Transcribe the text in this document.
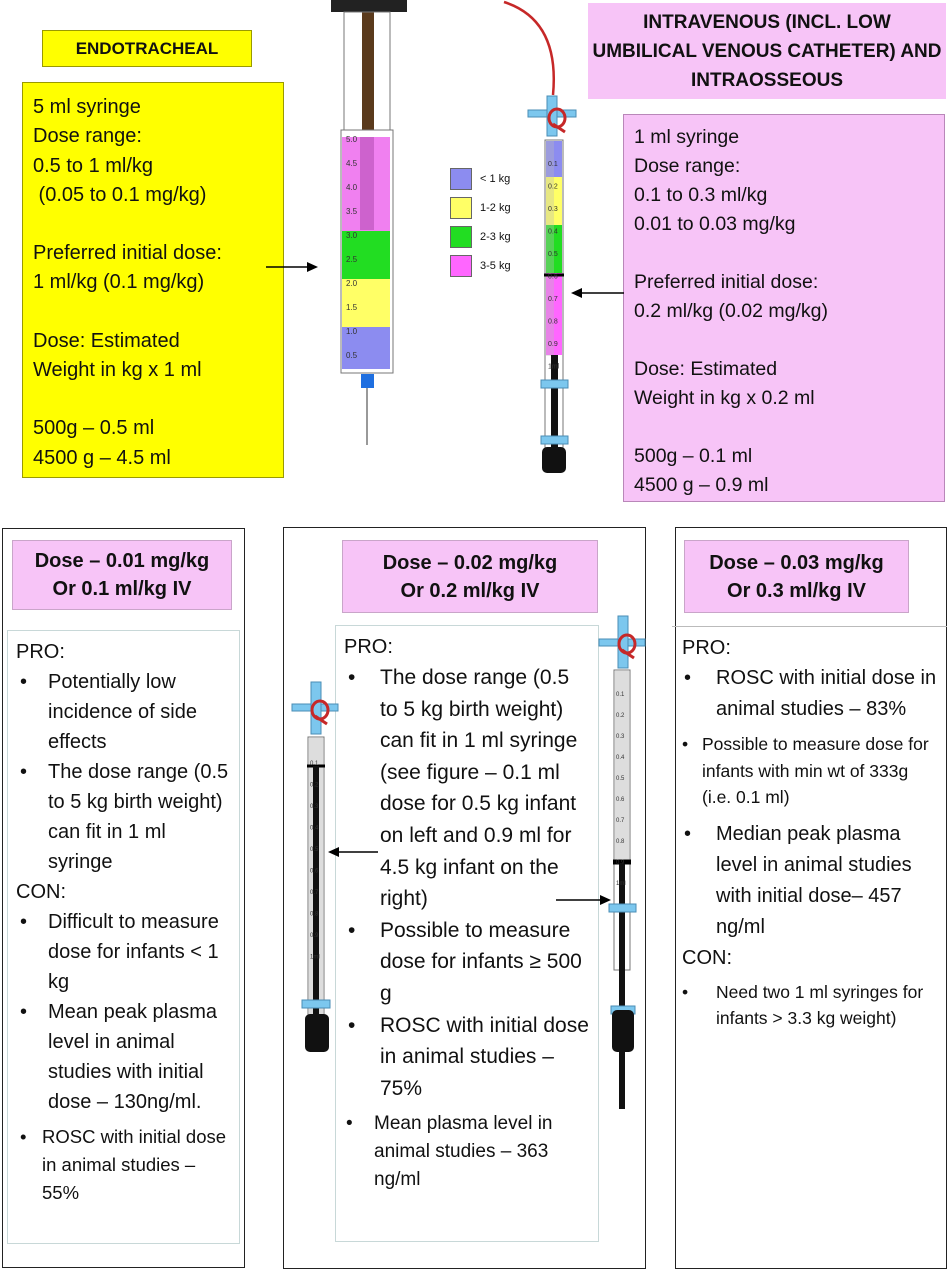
ENDOTRACHEAL
5 ml syringe
Dose range:
0.5 to 1 ml/kg
(0.05 to 0.1 mg/kg)
Preferred initial dose:
1 ml/kg (0.1 mg/kg)
Dose: Estimated
Weight in kg x 1 ml
500g – 0.5 ml
4500 g – 4.5 ml
INTRAVENOUS (INCL. LOW UMBILICAL VENOUS CATHETER) AND INTRAOSSEOUS
1 ml syringe
Dose range:
0.1 to 0.3 ml/kg
0.01 to 0.03 mg/kg
Preferred initial dose:
0.2 ml/kg (0.02 mg/kg)
Dose: Estimated
Weight in kg x 0.2 ml
500g – 0.1 ml
4500 g – 0.9 ml
5.0
4.5
4.0
3.5
3.0
2.5
2.0
1.5
1.0
0.5
0.1
0.2
0.3
0.4
0.5
0.6
0.7
0.8
0.9
1ml
< 1 kg
1-2 kg
2-3 kg
3-5 kg
Dose – 0.01 mg/kg
Or 0.1 ml/kg IV
Dose – 0.02 mg/kg
Or 0.2 ml/kg IV
Dose – 0.03 mg/kg
Or 0.3 ml/kg IV
PRO:
• Potentially low incidence of side effects
• The dose range (0.5 to 5 kg birth weight) can fit in 1 ml syringe
CON:
• Difficult to measure dose for infants < 1 kg
• Mean peak plasma level in animal studies with initial dose – 130ng/ml.
• ROSC with initial dose in animal studies – 55%
PRO:
• The dose range (0.5 to 5 kg birth weight) can fit in 1 ml syringe (see figure – 0.1 ml dose for 0.5 kg infant on left and 0.9 ml for 4.5 kg infant on the right)
• Possible to measure dose for infants ≥ 500 g
• ROSC with initial dose in animal studies –75%
• Mean plasma level in animal studies – 363 ng/ml
PRO:
• ROSC with initial dose in animal studies – 83%
• Possible to measure dose for infants with min wt of 333g (i.e. 0.1 ml)
• Median peak plasma level in animal studies with initial dose– 457 ng/ml
CON:
• Need two 1 ml syringes for infants > 3.3 kg weight)
0.1
0.2
0.3
0.4
0.5
0.6
0.7
0.8
0.9
1ml
0.1
0.2
0.3
0.4
0.5
0.6
0.7
0.8
0.9
1ml
